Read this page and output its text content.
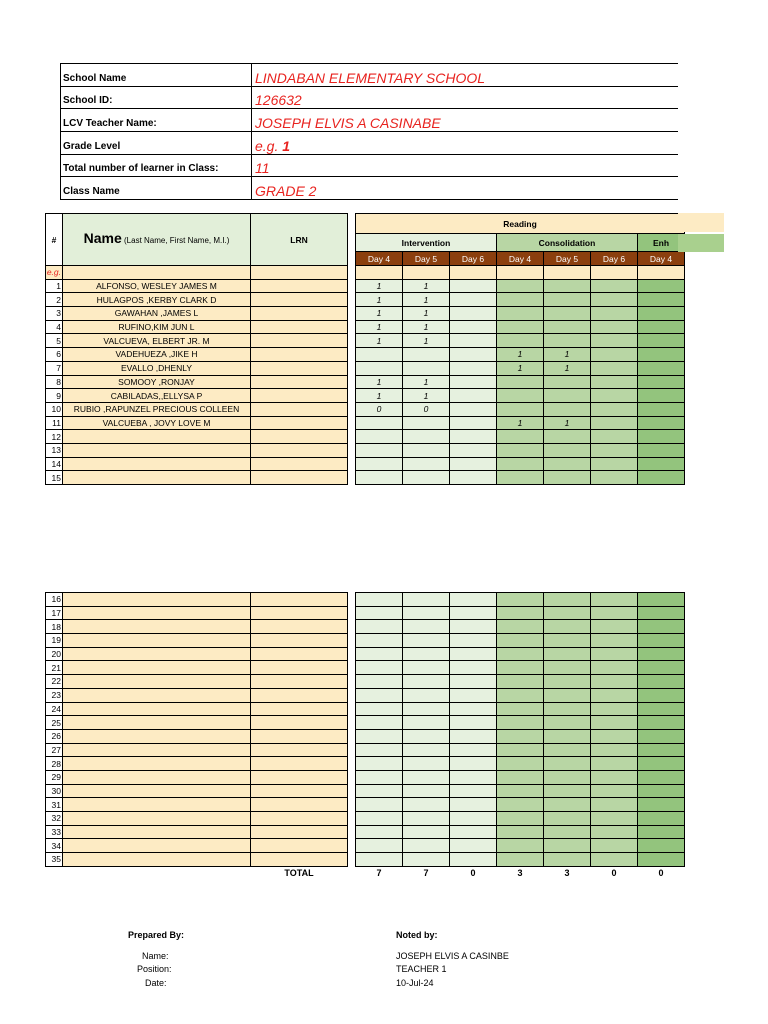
School Name	LINDABAN ELEMENTARY SCHOOL
School ID:	126632
LCV Teacher Name:	JOSEPH ELVIS A CASINABE
Grade Level	e.g. 1
Total number of learner in Class:	11
Class Name	GRADE 2
#	Name (Last Name, First Name, M.I.)	LRN		Reading						
				Intervention			Consolidation			Enh
				Day 4	Day 5	Day 6	Day 4	Day 5	Day 6	Day 4
e.g.										
1	ALFONSO, WESLEY JAMES M			1	1					
2	HULAGPOS ,KERBY CLARK D			1	1					
3	GAWAHAN ,JAMES L			1	1					
4	RUFINO,KIM JUN L			1	1					
5	VALCUEVA, ELBERT JR. M			1	1					
6	VADEHUEZA ,JIKE H						1	1		
7	EVALLO ,DHENLY						1	1		
8	SOMOOY ,RONJAY			1	1					
9	CABILADAS,,ELLYSA P			1	1					
10	RUBIO ,RAPUNZEL PRECIOUS COLLEEN			0	0					
11	VALCUEBA , JOVY LOVE M						1	1		
12										
13										
14										
15										
16										
17										
18										
19										
20										
21										
22										
23										
24										
25										
26										
27										
28										
29										
30										
31										
32										
33										
34										
35										
		TOTAL		7	7	0	3	3	0	0
Prepared By:	Noted by:
Name:
Position:
Date:
JOSEPH ELVIS A CASINBE
TEACHER 1
10-Jul-24
